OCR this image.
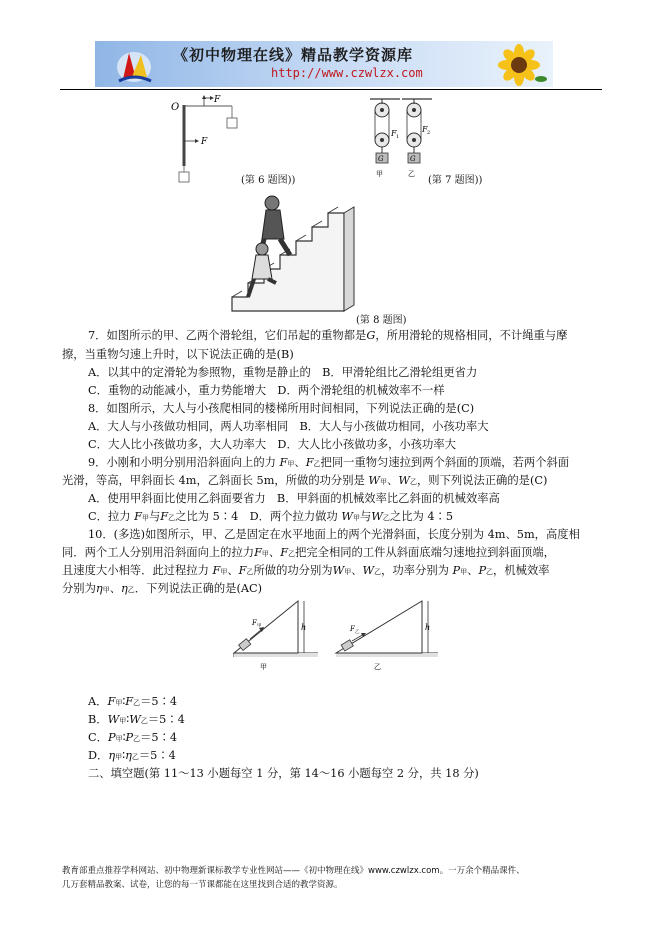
《初中物理在线》精品教学资源库
http://www.czwlzx.com
O
F
F
G
F 1
G
F 2
甲	乙
(第 6 题图))	(第 7 题图))
(第 8 题图)
7．如图所示的甲、乙两个滑轮组，它们吊起的重物都是G，所用滑轮的规格相同，不计绳重与摩
擦，当重物匀速上升时，以下说法正确的是(B)
A．以其中的定滑轮为参照物，重物是静止的　B．甲滑轮组比乙滑轮组更省力
C．重物的动能减小，重力势能增大　D．两个滑轮组的机械效率不一样
8．如图所示，大人与小孩爬相同的楼梯所用时间相同，下列说法正确的是(C)
A．大人与小孩做功相同，两人功率相同　B．大人与小孩做功相同，小孩功率大
C．大人比小孩做功多，大人功率大　D．大人比小孩做功多，小孩功率大
9．小刚和小明分别用沿斜面向上的力 F甲、F乙把同一重物匀速拉到两个斜面的顶端，若两个斜面
光滑，等高，甲斜面长 4m，乙斜面长 5m，所做的功分别是 W甲、W乙，则下列说法正确的是(C)
A．使用甲斜面比使用乙斜面要省力　B．甲斜面的机械效率比乙斜面的机械效率高
C．拉力 F甲与F乙之比为 5∶4　D．两个拉力做功 W甲与W乙之比为 4∶5
10．(多选)如图所示，甲、乙是固定在水平地面上的两个光滑斜面，长度分别为 4m、5m，高度相
同．两个工人分别用沿斜面向上的拉力F甲、F乙把完全相同的工件从斜面底端匀速地拉到斜面顶端，
且速度大小相等．此过程拉力 F甲、F乙所做的功分别为W甲、W乙，功率分别为 P甲、P乙，机械效率
分别为η甲、η乙．下列说法正确的是(AC)
h
F 甲
甲
h
F 乙
乙
A．F甲∶F乙＝5∶4
B．W甲∶W乙＝5∶4
C．P甲∶P乙＝5∶4
D．η甲∶η乙＝5∶4
二、填空题(第 11～13 小题每空 1 分，第 14～16 小题每空 2 分，共 18 分)
教育部重点推荐学科网站、初中物理新课标教学专业性网站——《初中物理在线》www.czwlzx.com。一万余个精品课件、
几万套精品教案、试卷，让您的每一节课都能在这里找到合适的教学资源。
